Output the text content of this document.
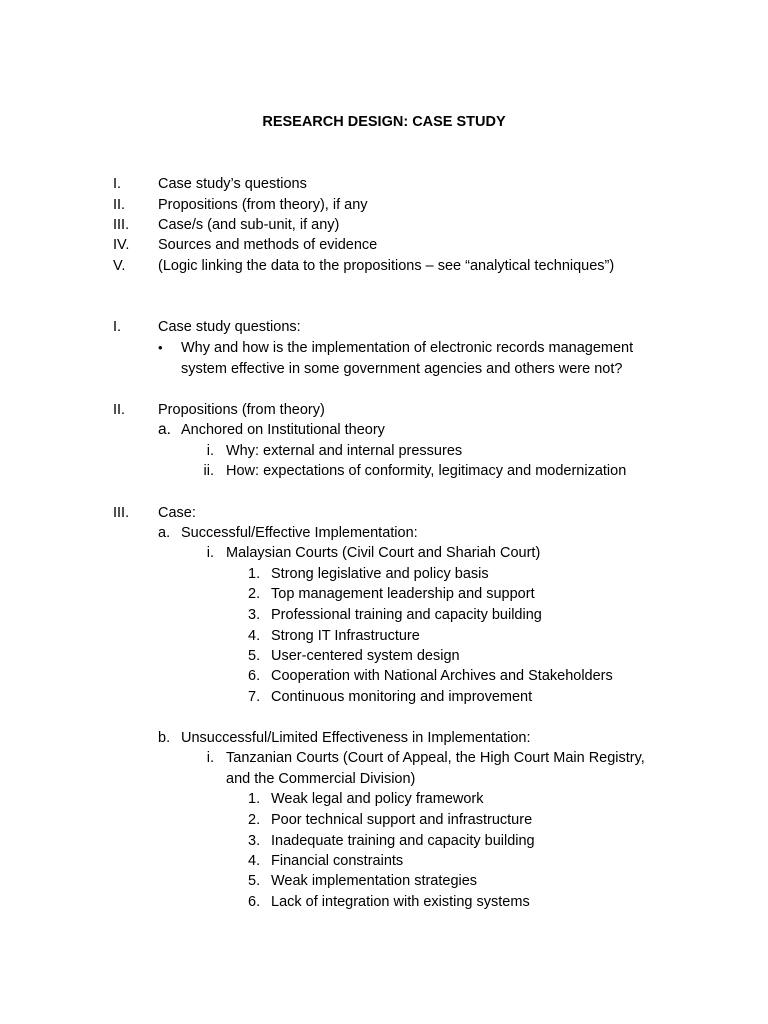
RESEARCH DESIGN: CASE STUDY
I.	Case study’s questions
II. Propositions (from theory), if any
III. Case/s (and sub-unit, if any)
IV. Sources and methods of evidence
V. (Logic linking the data to the propositions – see “analytical techniques”)
I.	Case study questions:
• Why and how is the implementation of electronic records management
system effective in some government agencies and others were not?
II. Propositions (from theory)
a. Anchored on Institutional theory
i. Why: external and internal pressures
ii. How: expectations of conformity, legitimacy and modernization
III. Case:
a. Successful/Effective Implementation:
i. Malaysian Courts (Civil Court and Shariah Court)
1. Strong legislative and policy basis
2. Top management leadership and support
3. Professional training and capacity building
4. Strong IT Infrastructure
5. User-centered system design
6. Cooperation with National Archives and Stakeholders
7. Continuous monitoring and improvement
b. Unsuccessful/Limited Effectiveness in Implementation:
i. Tanzanian Courts (Court of Appeal, the High Court Main Registry,
and the Commercial Division)
1. Weak legal and policy framework
2. Poor technical support and infrastructure
3. Inadequate training and capacity building
4. Financial constraints
5. Weak implementation strategies
6. Lack of integration with existing systems
